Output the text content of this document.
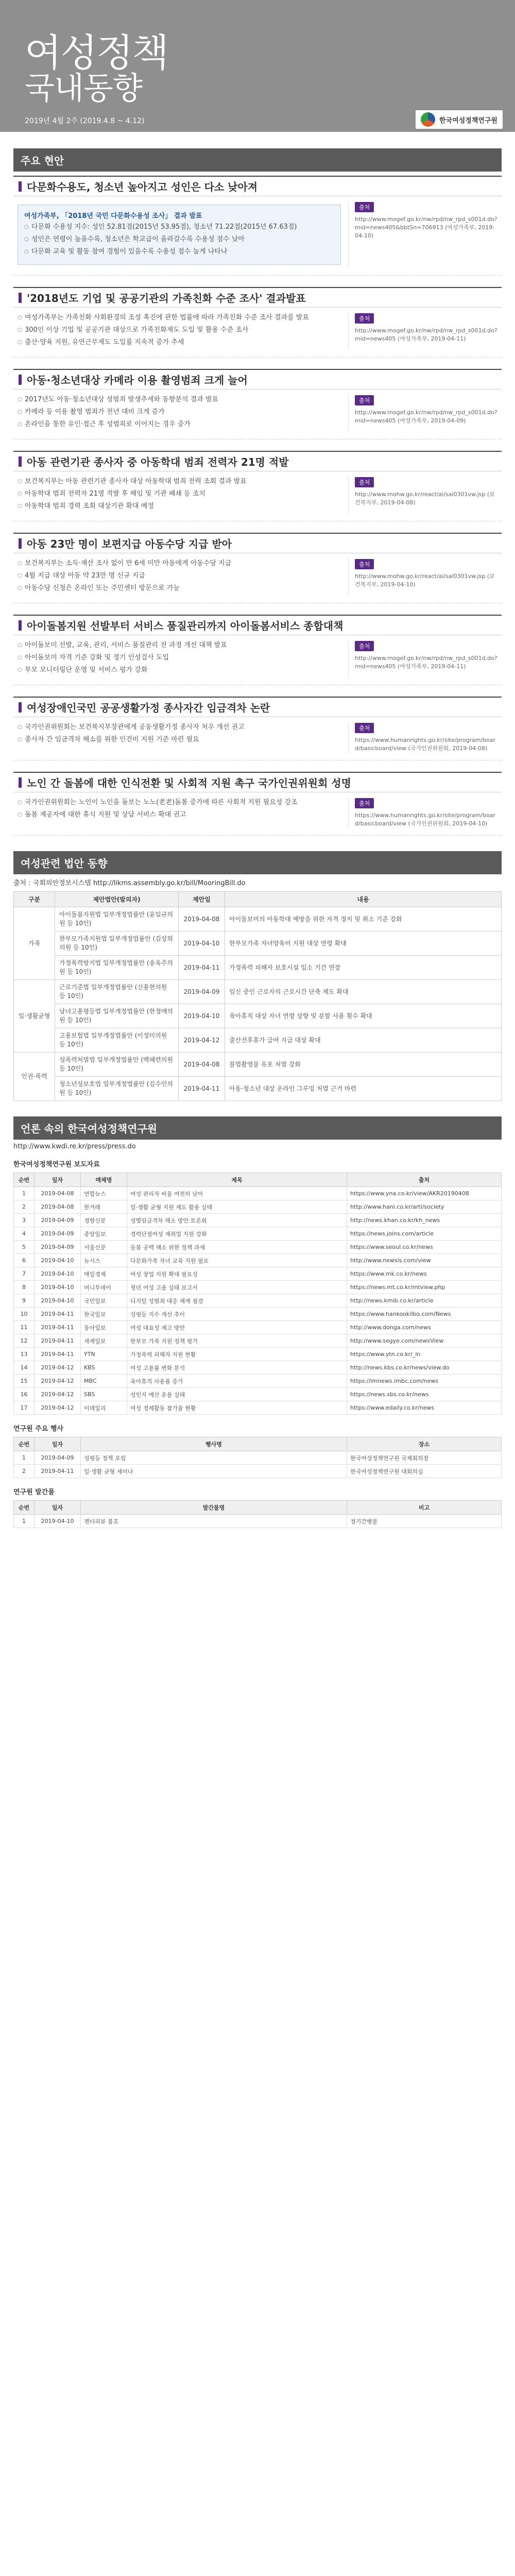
여성정책
국내동향
2019년 4월 2주 (2019.4.8 ~ 4.12)	한국여성정책연구원
주요 현안
다문화수용도, 청소년 높아지고 성인은 다소 낮아져
여성가족부, 「2018년 국민 다문화수용성 조사」 결과 발표
○ 다문화 수용성 지수: 성인 52.81점(2015년 53.95점), 청소년 71.22점(2015년 67.63점)
○ 성인은 연령이 높을수록, 청소년은 학교급이 올라갈수록 수용성 점수 낮아
○ 다문화 교육 및 활동 참여 경험이 있을수록 수용성 점수 높게 나타나
출처
http://www.mogef.go.kr/nw/rpd/nw_rpd_s001d.do?mid=news405&bbtSn=706913 (여성가족부, 2019-04-10)
'2018년도 기업 및 공공기관의 가족친화 수준 조사' 결과발표
○ 여성가족부는 가족친화 사회환경의 조성 촉진에 관한 법률에 따라 가족친화 수준 조사 결과를 발표
○ 300인 이상 기업 및 공공기관 대상으로 가족친화제도 도입 및 활용 수준 조사
○ 출산·양육 지원, 유연근무제도 도입률 지속적 증가 추세
출처
http://www.mogef.go.kr/nw/rpd/nw_rpd_s001d.do?mid=news405 (여성가족부, 2019-04-11)
아동·청소년대상 카메라 이용 촬영범죄 크게 늘어
○ 2017년도 아동·청소년대상 성범죄 발생추세와 동향분석 결과 발표
○ 카메라 등 이용 촬영 범죄가 전년 대비 크게 증가
○ 온라인을 통한 유인·접근 후 성범죄로 이어지는 경우 증가
출처
http://www.mogef.go.kr/nw/rpd/nw_rpd_s001d.do?mid=news405 (여성가족부, 2019-04-09)
아동 관련기관 종사자 중 아동학대 범죄 전력자 21명 적발
○ 보건복지부는 아동 관련기관 종사자 대상 아동학대 범죄 전력 조회 결과 발표
○ 아동학대 범죄 전력자 21명 적발 후 해임 및 기관 폐쇄 등 조치
○ 아동학대 범죄 경력 조회 대상기관 확대 예정
출처
http://www.mohw.go.kr/react/al/sal0301vw.jsp (보건복지부, 2019-04-08)
아동 23만 명이 보편지급 아동수당 지급 받아
○ 보건복지부는 소득·재산 조사 없이 만 6세 미만 아동에게 아동수당 지급
○ 4월 지급 대상 아동 약 23만 명 신규 지급
○ 아동수당 신청은 온라인 또는 주민센터 방문으로 가능
출처
http://www.mohw.go.kr/react/al/sal0301vw.jsp (보건복지부, 2019-04-10)
아이돌봄지원 선발부터 서비스 품질관리까지 아이돌봄서비스 종합대책
○ 아이돌보미 선발, 교육, 관리, 서비스 품질관리 전 과정 개선 대책 발표
○ 아이돌보미 자격 기준 강화 및 정기 인성검사 도입
○ 부모 모니터링단 운영 및 서비스 평가 강화
출처
http://www.mogef.go.kr/nw/rpd/nw_rpd_s001d.do?mid=news405 (여성가족부, 2019-04-11)
여성장애인국민 공공생활가정 종사자간 임금격차 논란
○ 국가인권위원회는 보건복지부장관에게 공동생활가정 종사자 처우 개선 권고
○ 종사자 간 임금격차 해소를 위한 인건비 지원 기준 마련 필요
출처
https://www.humanrights.go.kr/site/program/board/basicboard/view (국가인권위원회, 2019-04-08)
노인 간 돌봄에 대한 인식전환 및 사회적 지원 촉구 국가인권위원회 성명
○ 국가인권위원회는 노인이 노인을 돌보는 노노(老老)돌봄 증가에 따른 사회적 지원 필요성 강조
○ 돌봄 제공자에 대한 휴식 지원 및 상담 서비스 확대 권고
출처
https://www.humanrights.go.kr/site/program/board/basicboard/view (국가인권위원회, 2019-04-10)
여성관련 법안 동향
출처 : 국회의안정보시스템 http://likms.assembly.go.kr/bill/MooringBill.do
구분	제안법안(발의자)	제안일	내용
가족	아이돌봄지원법 일부개정법률안 (윤일규의원 등 10인)	2019-04-08	아이돌보미의 아동학대 예방을 위한 자격 정지 및 취소 기준 강화
	한부모가족지원법 일부개정법률안 (김상희의원 등 10인)	2019-04-10	한부모가족 자녀양육비 지원 대상 연령 확대
	가정폭력방지법 일부개정법률안 (송옥주의원 등 10인)	2019-04-11	가정폭력 피해자 보호시설 입소 기간 연장
일·생활균형	근로기준법 일부개정법률안 (신용현의원 등 10인)	2019-04-09	임신 중인 근로자의 근로시간 단축 제도 확대
	남녀고용평등법 일부개정법률안 (한정애의원 등 10인)	2019-04-10	육아휴직 대상 자녀 연령 상향 및 분할 사용 횟수 확대
	고용보험법 일부개정법률안 (이정미의원 등 10인)	2019-04-12	출산전후휴가 급여 지급 대상 확대
인권·폭력	성폭력처벌법 일부개정법률안 (백혜련의원 등 10인)	2019-04-08	불법촬영물 유포 처벌 강화
	청소년성보호법 일부개정법률안 (김수민의원 등 10인)	2019-04-11	아동·청소년 대상 온라인 그루밍 처벌 근거 마련
언론 속의 한국여성정책연구원
http://www.kwdi.re.kr/press/press.do
한국여성정책연구원 보도자료
순번	일자	매체명	제목	출처
1	2019-04-08	연합뉴스	여성 관리자 비율 여전히 낮아	https://www.yna.co.kr/view/AKR20190408
2	2019-04-08	한겨레	일·생활 균형 지원 제도 활용 실태	http://www.hani.co.kr/arti/society
3	2019-04-09	경향신문	성별임금격차 해소 방안 토론회	http://news.khan.co.kr/kh_news
4	2019-04-09	중앙일보	경력단절여성 재취업 지원 강화	https://news.joins.com/article
5	2019-04-09	서울신문	돌봄 공백 해소 위한 정책 과제	https://www.seoul.co.kr/news
6	2019-04-10	뉴시스	다문화가족 자녀 교육 지원 필요	http://www.newsis.com/view
7	2019-04-10	매일경제	여성 창업 지원 확대 필요성	https://www.mk.co.kr/news
8	2019-04-10	머니투데이	청년 여성 고용 실태 보고서	https://news.mt.co.kr/mtview.php
9	2019-04-10	국민일보	디지털 성범죄 대응 체계 점검	http://news.kmib.co.kr/article
10	2019-04-11	한국일보	성평등 지수 개선 추이	https://www.hankookilbo.com/News
11	2019-04-11	동아일보	여성 대표성 제고 방안	http://www.donga.com/news
12	2019-04-11	세계일보	한부모 가족 지원 정책 평가	http://www.segye.com/newsView
13	2019-04-11	YTN	가정폭력 피해자 지원 현황	https://www.ytn.co.kr/_ln
14	2019-04-12	KBS	여성 고용률 변화 분석	http://news.kbs.co.kr/news/view.do
15	2019-04-12	MBC	육아휴직 사용률 증가	https://imnews.imbc.com/news
16	2019-04-12	SBS	성인지 예산 운용 실태	https://news.sbs.co.kr/news
17	2019-04-12	이데일리	여성 경제활동 참가율 현황	https://www.edaily.co.kr/news
연구원 주요 행사
순번	일자	행사명	장소
1	2019-04-09	성평등 정책 포럼	한국여성정책연구원 국제회의장
2	2019-04-11	일·생활 균형 세미나	한국여성정책연구원 대회의실
연구원 발간물
순번	일자	발간물명	비고
1	2019-04-10	젠더리뷰 봄호	정기간행물
